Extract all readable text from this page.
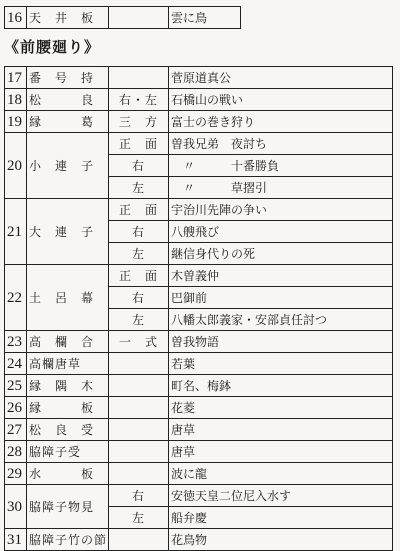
16	天　井　板		雲に鳥
《前腰廻り》
17	番　号　持		菅原道真公
18	松　　　良	右・左	石橋山の戦い
19	縁　　　葛	三　方	富士の巻き狩り
20	小　連　子	正　面	曽我兄弟　夜討ち
		右	　〃　　　十番勝負
		左	　〃　　　草摺引
21	大　連　子	正　面	宇治川先陣の争い
		右	八艘飛び
		左	継信身代りの死
22	土　呂　幕	正　面	木曽義仲
		右	巴御前
		左	八幡太郎義家・安部貞任討つ
23	高　欄　合	一　式	曽我物語
24	高欄唐草		若葉
25	縁　隅　木		町名、梅鉢
26	縁　　　板		花菱
27	松　良　受		唐草
28	脇障子受		唐草
29	水　　　板		波に龍
30	脇障子物見	右	安徳天皇二位尼入水す
		左	船弁慶
31	脇障子竹の節		花鳥物
